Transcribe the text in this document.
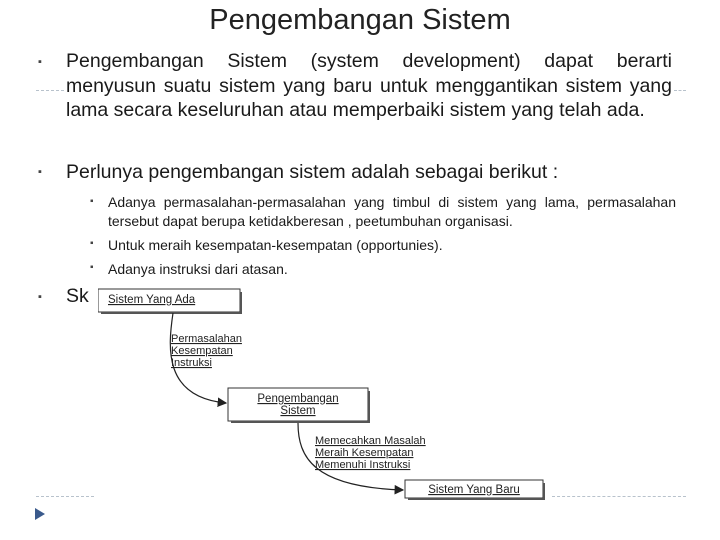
Pengembangan Sistem
▪
▪
▪
▪
▪
▪
Pengembangan Sistem (system development) dapat berarti menyusun suatu sistem yang baru untuk menggantikan sistem yang lama secara keseluruhan atau memperbaiki sistem yang telah ada.
Perlunya pengembangan sistem adalah sebagai berikut :
Adanya permasalahan-permasalahan yang timbul di sistem yang lama, permasalahan tersebut dapat berupa ketidakberesan , peetumbuhan organisasi.
Untuk meraih kesempatan-kesempatan (opportunies).
Adanya instruksi dari atasan.
Sk Sistem Yang Ada
Permasalahan
Kesempatan
Instruksi
Pengembangan
Sistem
Memecahkan Masalah
Meraih Kesempatan
Memenuhi Instruksi
Sistem Yang Baru
